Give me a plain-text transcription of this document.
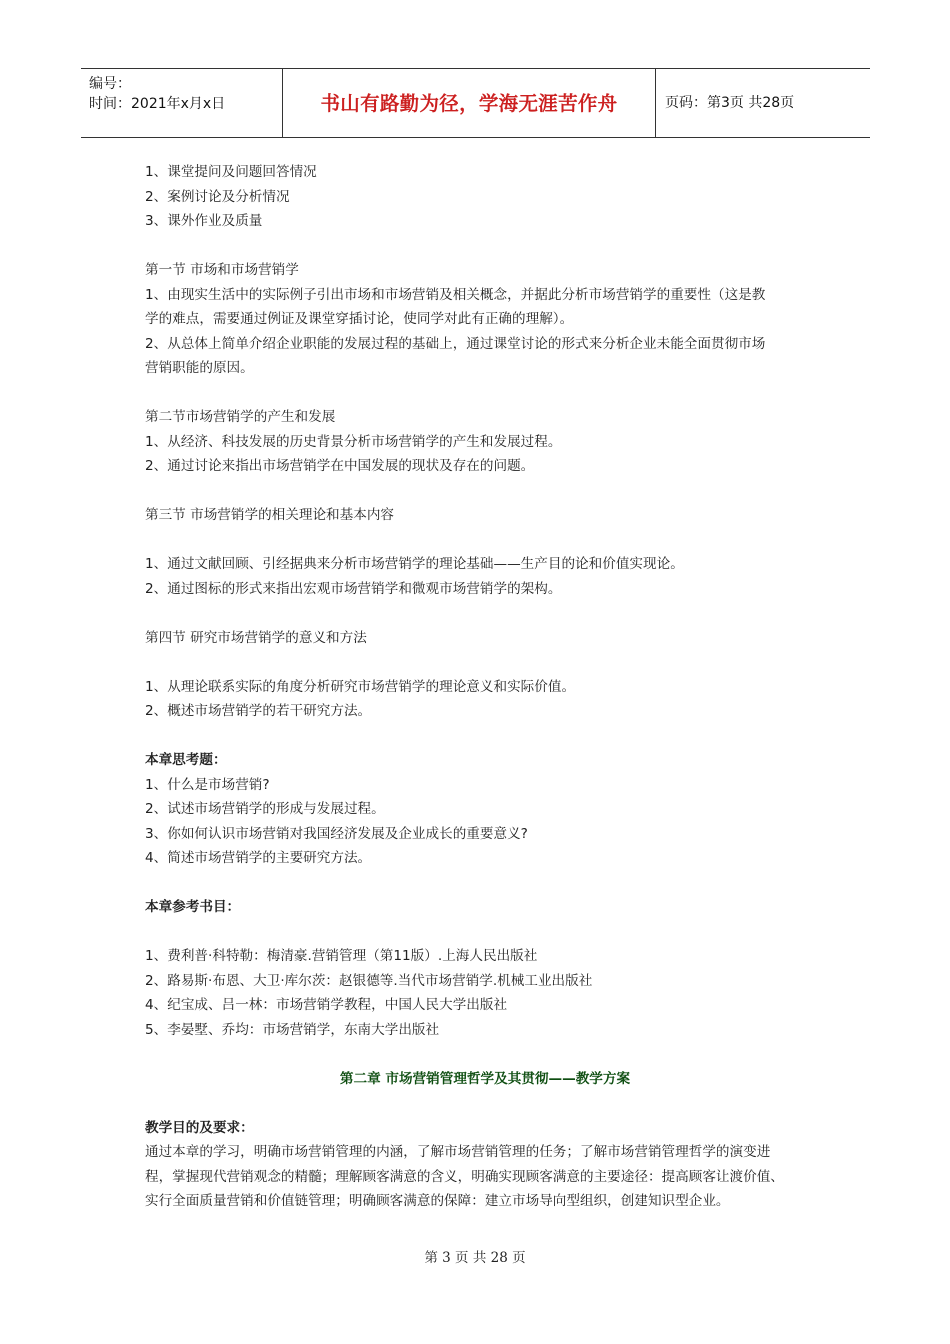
编号：
时间：2021年x月x日	书山有路勤为径，学海无涯苦作舟	页码：第3页 共28页

1、课堂提问及问题回答情况

2、案例讨论及分析情况

3、课外作业及质量

第一节 市场和市场营销学

1、由现实生活中的实际例子引出市场和市场营销及相关概念，并据此分析市场营销学的重要性（这是教

学的难点，需要通过例证及课堂穿插讨论，使同学对此有正确的理解）。

2、从总体上简单介绍企业职能的发展过程的基础上，通过课堂讨论的形式来分析企业未能全面贯彻市场

营销职能的原因。

第二节市场营销学的产生和发展

1、从经济、科技发展的历史背景分析市场营销学的产生和发展过程。

2、通过讨论来指出市场营销学在中国发展的现状及存在的问题。

第三节 市场营销学的相关理论和基本内容

1、通过文献回顾、引经据典来分析市场营销学的理论基础——生产目的论和价值实现论。

2、通过图标的形式来指出宏观市场营销学和微观市场营销学的架构。

第四节 研究市场营销学的意义和方法

1、从理论联系实际的角度分析研究市场营销学的理论意义和实际价值。

2、概述市场营销学的若干研究方法。

本章思考题：

1、什么是市场营销?

2、试述市场营销学的形成与发展过程。

3、你如何认识市场营销对我国经济发展及企业成长的重要意义?

4、简述市场营销学的主要研究方法。

本章参考书目：

1、费利普·科特勒：梅清豪.营销管理（第11版）.上海人民出版社

2、路易斯·布恩、大卫·库尔茨：赵银德等.当代市场营销学.机械工业出版社

4、纪宝成、吕一林：市场营销学教程，中国人民大学出版社

5、李晏墅、乔均：市场营销学，东南大学出版社

第二章 市场营销管理哲学及其贯彻——教学方案

教学目的及要求：

通过本章的学习，明确市场营销管理的内涵，了解市场营销管理的任务；了解市场营销管理哲学的演变进

程，掌握现代营销观念的精髓；理解顾客满意的含义，明确实现顾客满意的主要途径：提高顾客让渡价值、

实行全面质量营销和价值链管理；明确顾客满意的保障：建立市场导向型组织，创建知识型企业。

第 3 页 共 28 页
